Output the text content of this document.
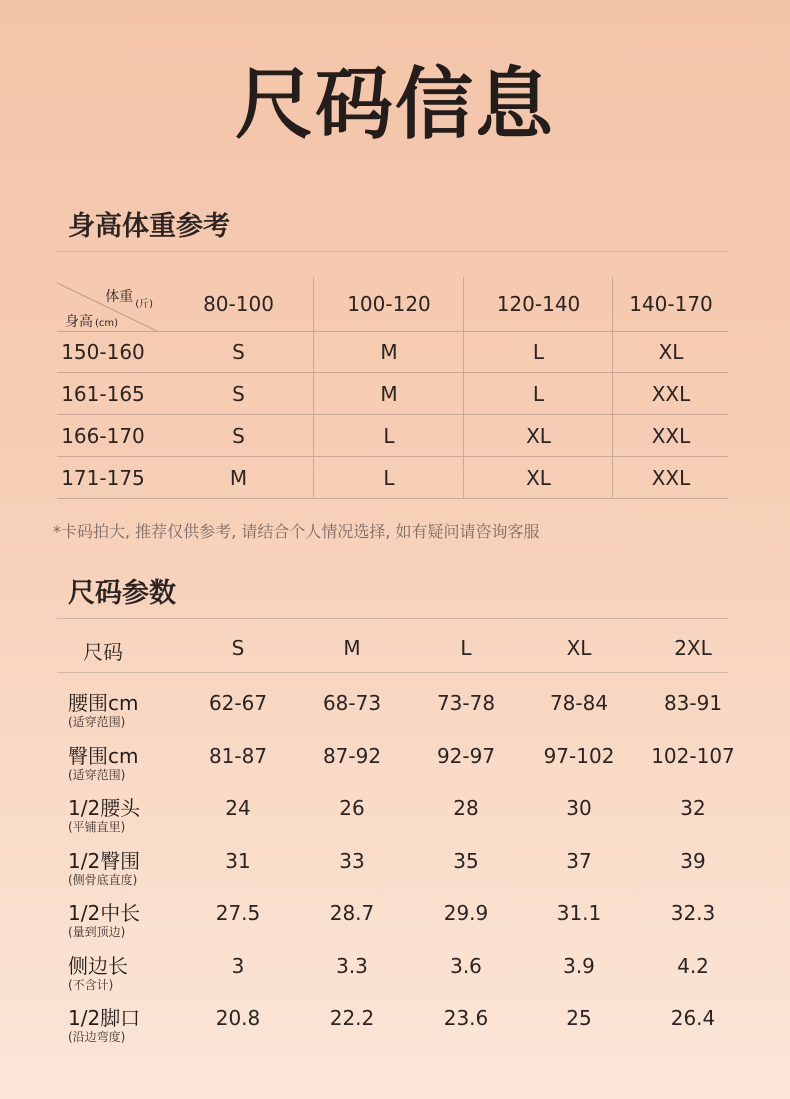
尺码信息
身高体重参考
体重 $_{(斤)}$
身高 (cm)
80-100	100-120	120-140	140-170
150-160	S	M	L	XL
161-165	S	M	L	XXL
166-170	S	L	XL	XXL
171-175	M	L	XL	XXL
*卡码拍大, 推荐仅供参考, 请结合个人情况选择, 如有疑问请咨询客服
尺码参数
尺码	S	M	L	XL	2XL
腰围cm
(适穿范围)
62-67	68-73	73-78	78-84	83-91
臀围cm
(适穿范围)
81-87	87-92	92-97	97-102	102-107
1/2腰头
(平铺直里)
24	26	28	30	32
1/2臀围
(侧骨底直度)
31	33	35	37	39
1/2中长
(量到顶边)
27.5	28.7	29.9	31.1	32.3
侧边长
(不含计)
3	3.3	3.6	3.9	4.2
1/2脚口
(沿边弯度)
20.8	22.2	23.6	25	26.4
